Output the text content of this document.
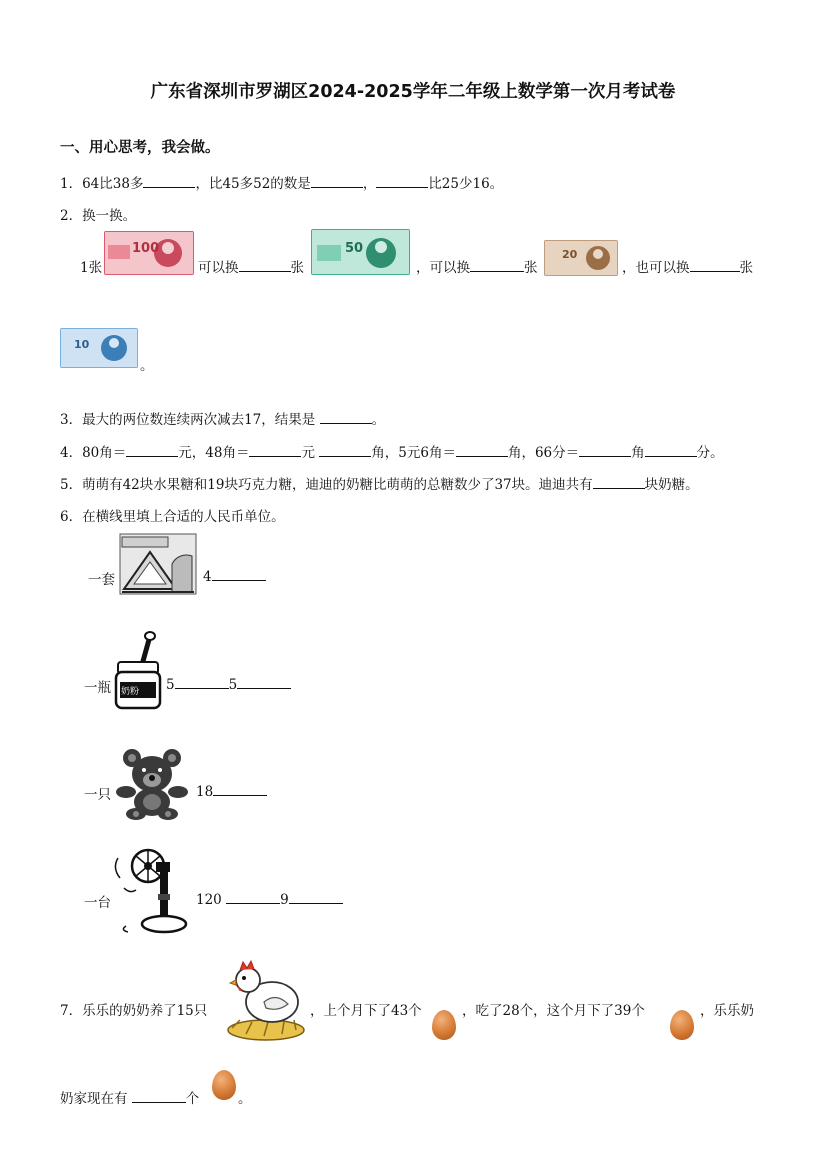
广东省深圳市罗湖区2024-2025学年二年级上数学第一次月考试卷
一、用心思考，我会做。
1．64比38多	，比45多52的数是	，	比25少16。
2．换一换。
100	50	20
1张	可以换	张	，可以换	张	，也可以换	张
10
。
3．最大的两位数连续两次减去17，结果是	。
4．80角＝	元，48角＝	元	角，5元6角＝	角，66分＝	角	分。
5．萌萌有42块水果糖和19块巧克力糖，迪迪的奶糖比萌萌的总糖数少了37块。迪迪共有	块奶糖。
6．在横线里填上合适的人民币单位。
一套	4
奶粉
一瓶	5	5
一只	18
一台	120	9
7．乐乐的奶奶养了15只	，上个月下了43个	，吃了28个，这个月下了39个	，乐乐奶
奶家现在有	个	。
